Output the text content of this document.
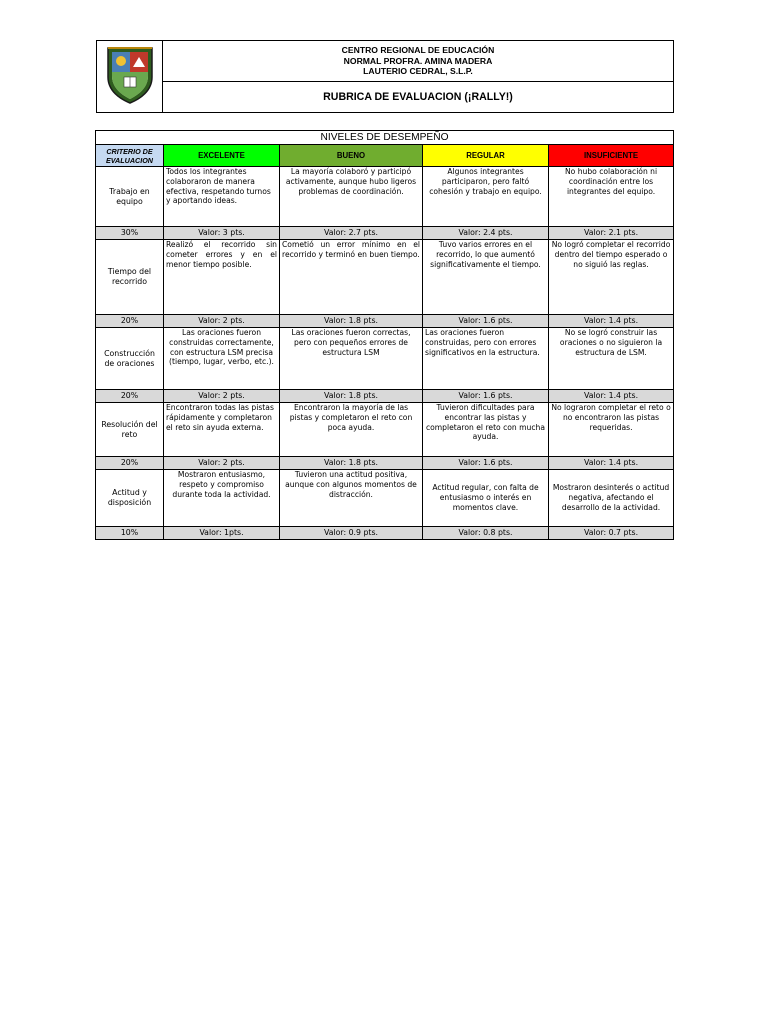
CENTRO REGIONAL DE EDUCACIÓN
NORMAL PROFRA. AMINA MADERA
LAUTERIO CEDRAL, S.L.P.

RUBRICA DE EVALUACION (¡RALLY!)
NIVELES DE DESEMPEÑO				
CRITERIO DE EVALUACION	EXCELENTE	BUENO	REGULAR	INSUFICIENTE
Trabajo en equipo	Todos los integrantes colaboraron de manera efectiva, respetando turnos y aportando ideas.	La mayoría colaboró y participó activamente, aunque hubo ligeros problemas de coordinación.	Algunos integrantes participaron, pero faltó cohesión y trabajo en equipo.	No hubo colaboración ni coordinación entre los integrantes del equipo.
30%	Valor: 3 pts.	Valor: 2.7 pts.	Valor: 2.4 pts.	Valor: 2.1 pts.
Tiempo del recorrido	Realizó el recorrido sin cometer errores y en el menor tiempo posible.	Cometió un error mínimo en el recorrido y terminó en buen tiempo.	Tuvo varios errores en el recorrido, lo que aumentó significativamente el tiempo.	No logró completar el recorrido dentro del tiempo esperado o no siguió las reglas.
20%	Valor: 2 pts.	Valor: 1.8 pts.	Valor: 1.6 pts.	Valor: 1.4 pts.
Construcción de oraciones	Las oraciones fueron construidas correctamente, con estructura LSM precisa (tiempo, lugar, verbo, etc.).	Las oraciones fueron correctas, pero con pequeños errores de estructura LSM	Las oraciones fueron construidas, pero con errores significativos en la estructura.	No se logró construir las oraciones o no siguieron la estructura de LSM.
20%	Valor: 2 pts.	Valor: 1.8 pts.	Valor: 1.6 pts.	Valor: 1.4 pts.
Resolución del reto	Encontraron todas las pistas rápidamente y completaron el reto sin ayuda externa.	Encontraron la mayoría de las pistas y completaron el reto con poca ayuda.	Tuvieron dificultades para encontrar las pistas y completaron el reto con mucha ayuda.	No lograron completar el reto o no encontraron las pistas requeridas.
20%	Valor: 2 pts.	Valor: 1.8 pts.	Valor: 1.6 pts.	Valor: 1.4 pts.
Actitud y disposición	Mostraron entusiasmo, respeto y compromiso durante toda la actividad.	Tuvieron una actitud positiva, aunque con algunos momentos de distracción.	Actitud regular, con falta de entusiasmo o interés en momentos clave.	Mostraron desinterés o actitud negativa, afectando el desarrollo de la actividad.
10%	Valor: 1pts.	Valor: 0.9 pts.	Valor: 0.8 pts.	Valor: 0.7 pts.
